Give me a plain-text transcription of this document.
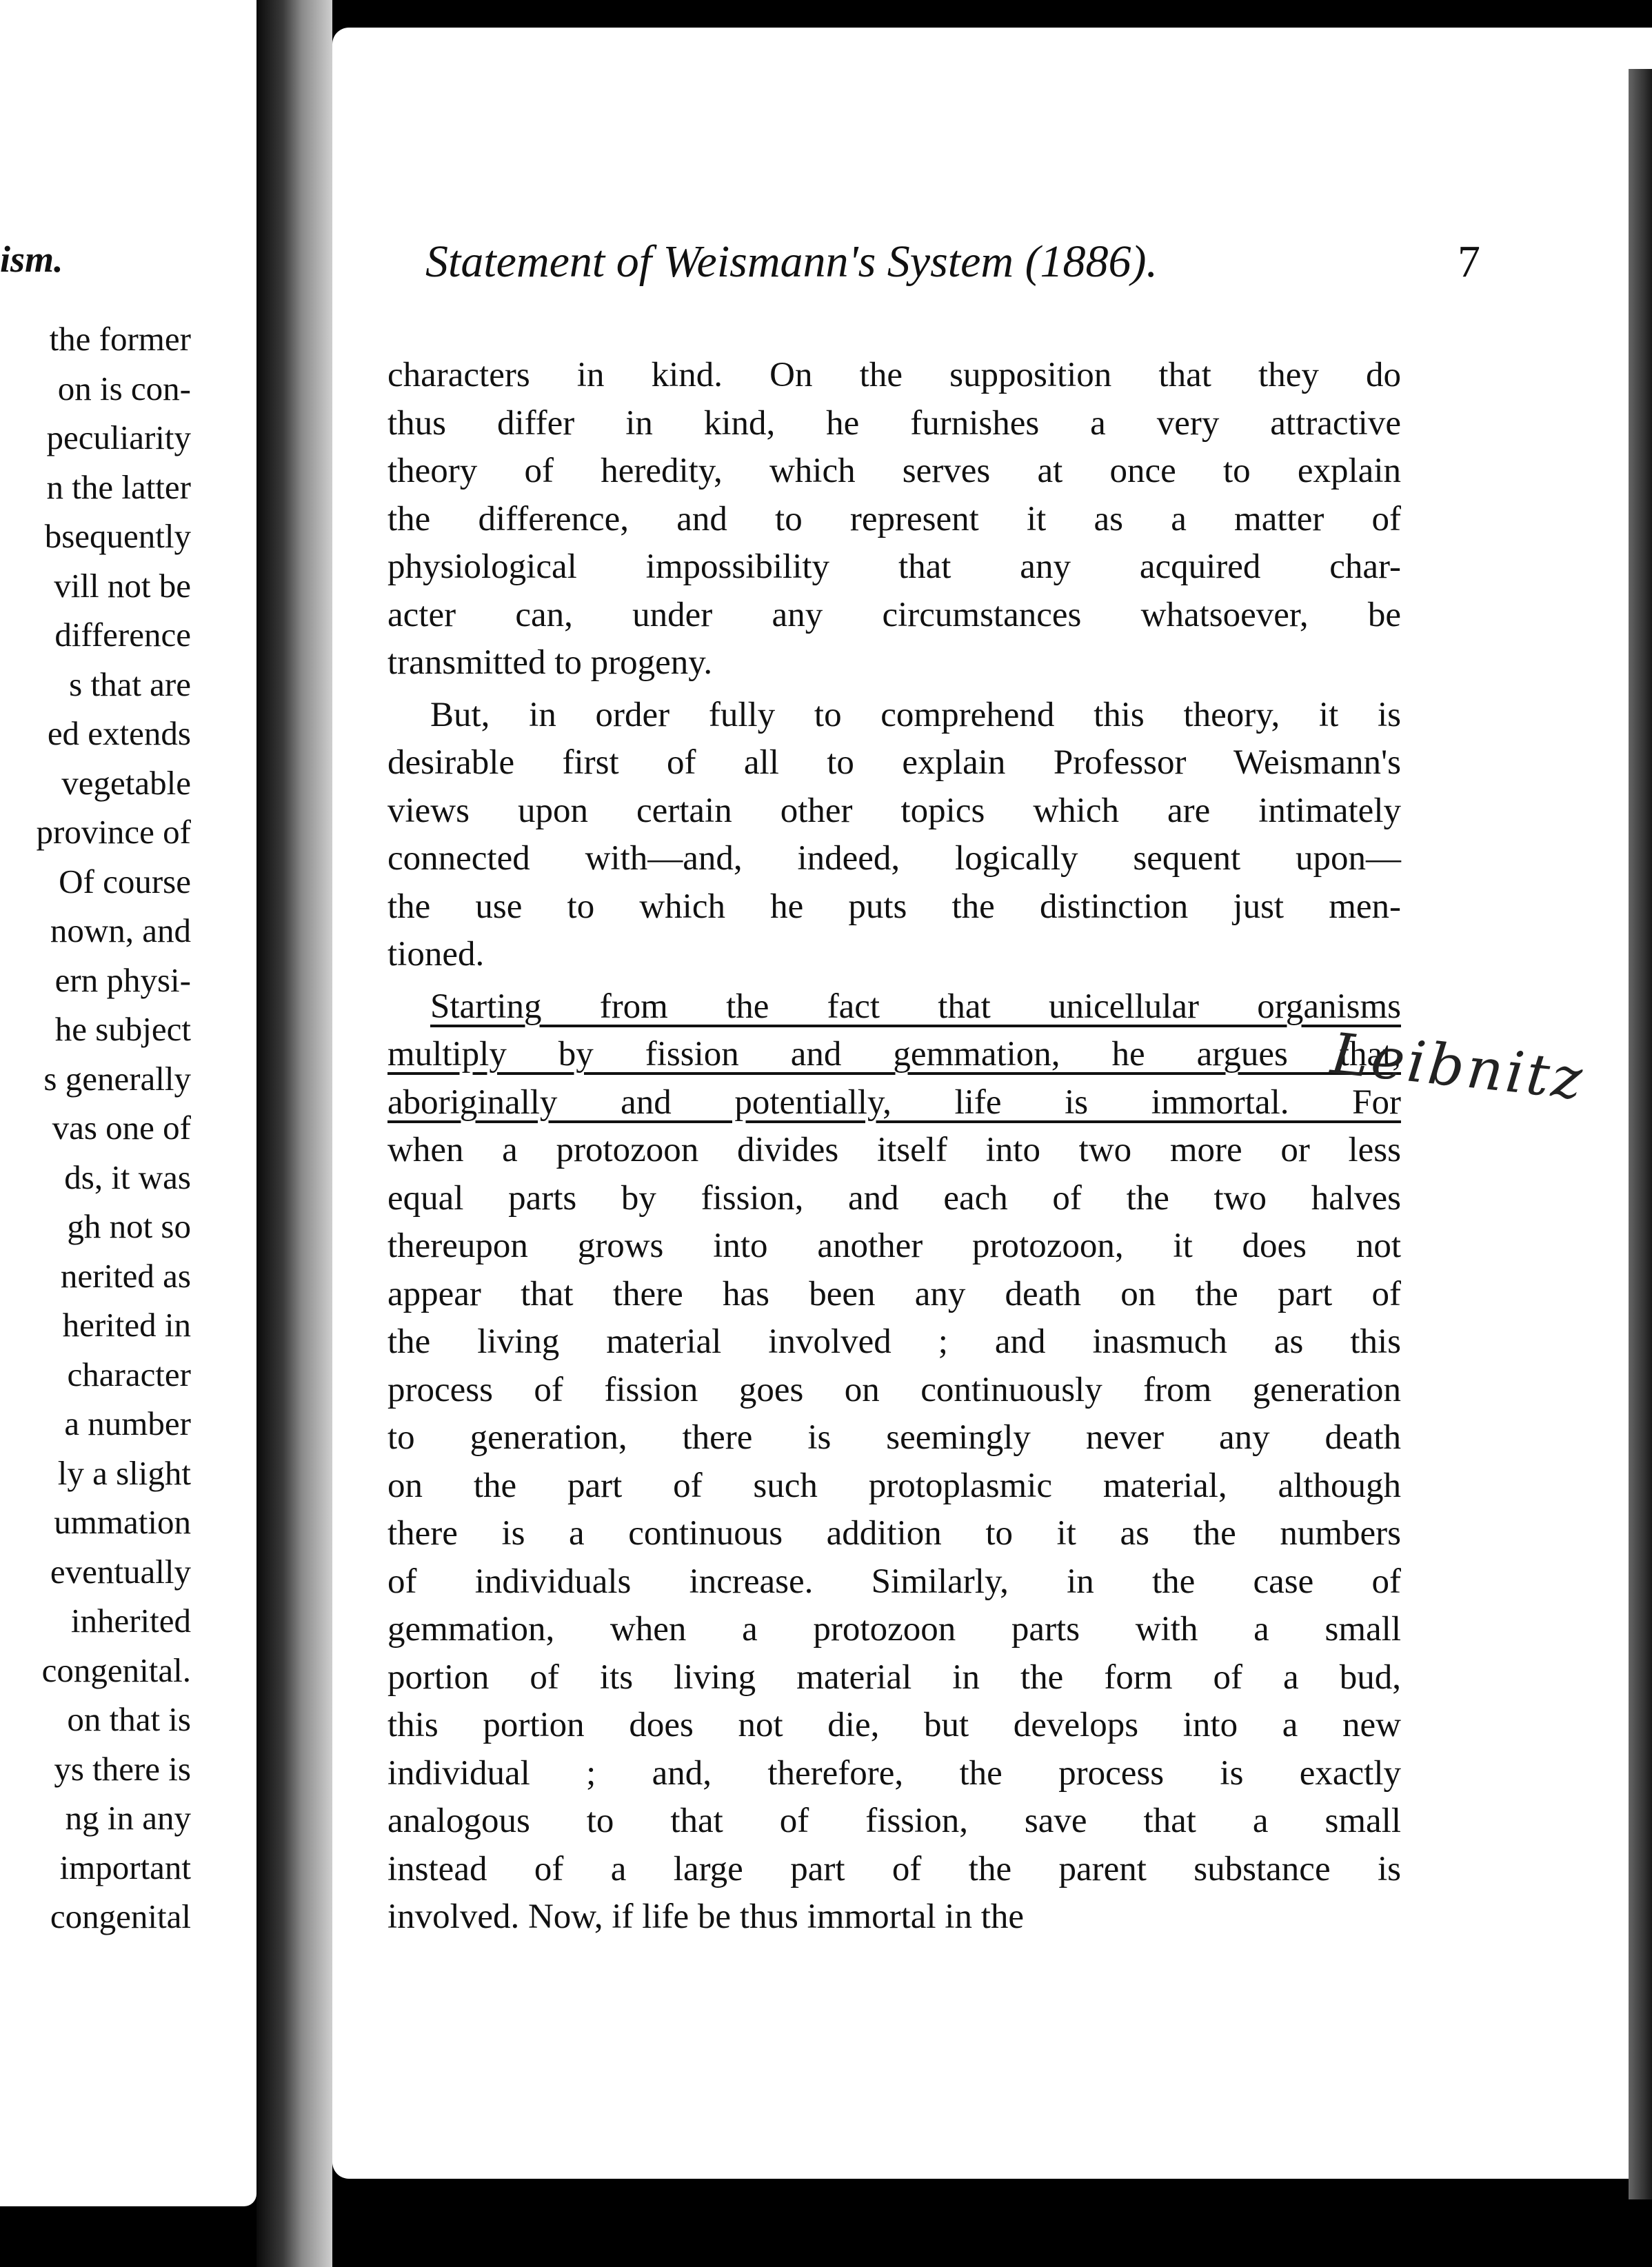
ism.
the former
on is con-
peculiarity
n the latter
bsequently
vill not be
difference
s that are
ed extends
vegetable
province of
Of course
nown, and
ern physi-
he subject
s generally
vas one of
ds, it was
gh not so
nerited as
herited in
character
a number
ly a slight
ummation
eventually
inherited
congenital.
on that is
ys there is
ng in any
important
congenital
Statement of Weismann's System (1886).	7
characters in kind. On the supposition that they do
thus differ in kind, he furnishes a very attractive
theory of heredity, which serves at once to explain
the difference, and to represent it as a matter of
physiological impossibility that any acquired char-
acter can, under any circumstances whatsoever, be
transmitted to progeny.
But, in order fully to comprehend this theory, it is
desirable first of all to explain Professor Weismann's
views upon certain other topics which are intimately
connected with—and, indeed, logically sequent upon—
the use to which he puts the distinction just men-
tioned.
Starting from the fact that unicellular organisms
multiply by fission and gemmation, he argues that,
aboriginally and potentially, life is immortal. For
when a protozoon divides itself into two more or less
equal parts by fission, and each of the two halves
thereupon grows into another protozoon, it does not
appear that there has been any death on the part of
the living material involved ; and inasmuch as this
process of fission goes on continuously from generation
to generation, there is seemingly never any death
on the part of such protoplasmic material, although
there is a continuous addition to it as the numbers
of individuals increase. Similarly, in the case of
gemmation, when a protozoon parts with a small
portion of its living material in the form of a bud,
this portion does not die, but develops into a new
individual ; and, therefore, the process is exactly
analogous to that of fission, save that a small
instead of a large part of the parent substance is
involved. Now, if life be thus immortal in the
Leibnitz
